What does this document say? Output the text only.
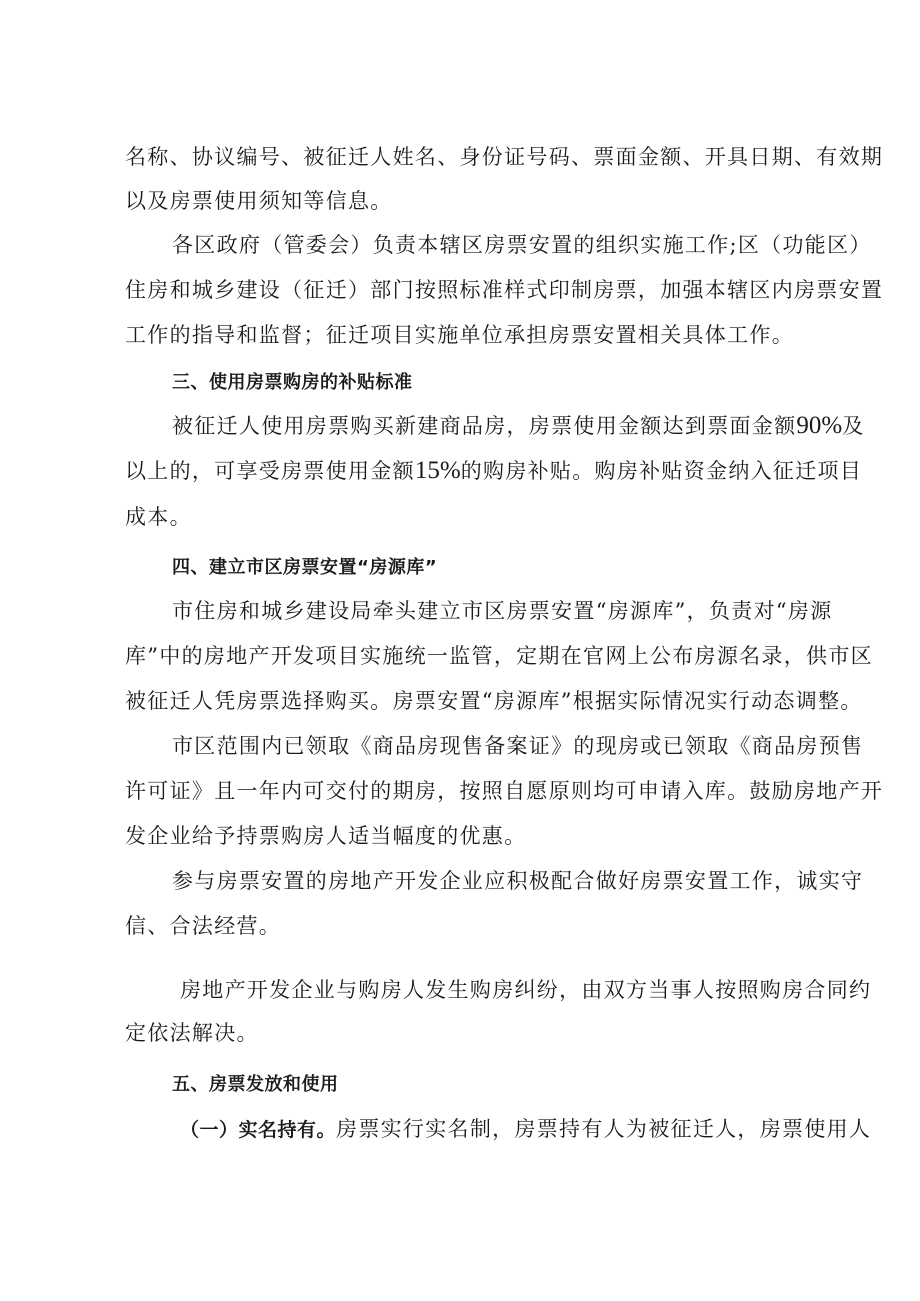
名称、协议编号、被征迁人姓名、身份证号码、票面金额、开具日期、有效期
以及房票使用须知等信息。
各区政府（管委会）负责本辖区房票安置的组织实施工作;区（功能区）
住房和城乡建设（征迁）部门按照标准样式印制房票，加强本辖区内房票安置
工作的指导和监督；征迁项目实施单位承担房票安置相关具体工作。
三、使用房票购房的补贴标准
被征迁人使用房票购买新建商品房，房票使用金额达到票面金额90%及
以上的，可享受房票使用金额15%的购房补贴。购房补贴资金纳入征迁项目
成本。
四、建立市区房票安置“房源库”
市住房和城乡建设局牵头建立市区房票安置“房源库”，负责对“房源
库”中的房地产开发项目实施统一监管，定期在官网上公布房源名录，供市区
被征迁人凭房票选择购买。房票安置“房源库”根据实际情况实行动态调整。
市区范围内已领取《商品房现售备案证》的现房或已领取《商品房预售
许可证》且一年内可交付的期房，按照自愿原则均可申请入库。鼓励房地产开
发企业给予持票购房人适当幅度的优惠。
参与房票安置的房地产开发企业应积极配合做好房票安置工作，诚实守
信、合法经营。
房地产开发企业与购房人发生购房纠纷，由双方当事人按照购房合同约
定依法解决。
五、房票发放和使用
（一）实名持有。房票实行实名制，房票持有人为被征迁人，房票使用人
